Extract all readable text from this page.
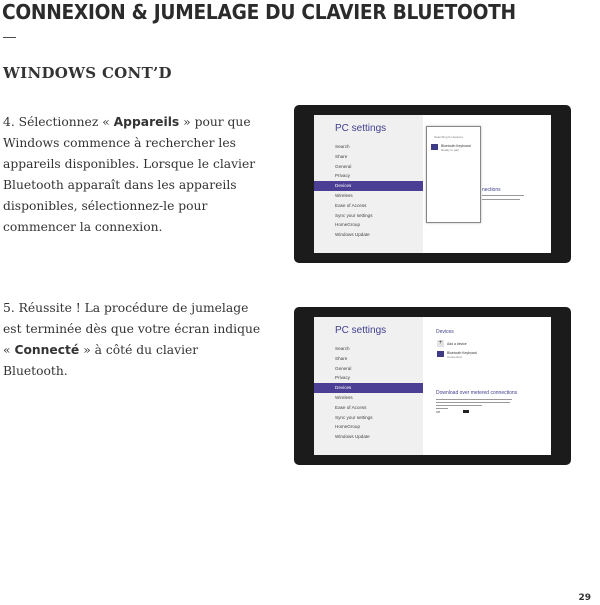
CONNEXION & JUMELAGE DU CLAVIER BLUETOOTH
—
WINDOWS CONT’D

4. Sélectionnez « Appareils » pour que Windows commence à rechercher les appareils disponibles. Lorsque le clavier Bluetooth apparaît dans les appareils disponibles, sélectionnez-le pour commencer la connexion.

5. Réussite ! La procédure de jumelage est terminée dès que votre écran indique « Connecté » à côté du clavier Bluetooth.

PC settings
Search
Share
General
Privacy
Devices
Wireless
Ease of Access
Sync your settings
HomeGroup
Windows Update
nections
Searching for devices
Bluetooth Keyboard
Ready to pair
PC settings
Search
Share
General
Privacy
Devices
Wireless
Ease of Access
Sync your settings
HomeGroup
Windows Update
Devices
+	Add a device
Bluetooth Keyboard
Connected
Download over metered connections
Off
29
